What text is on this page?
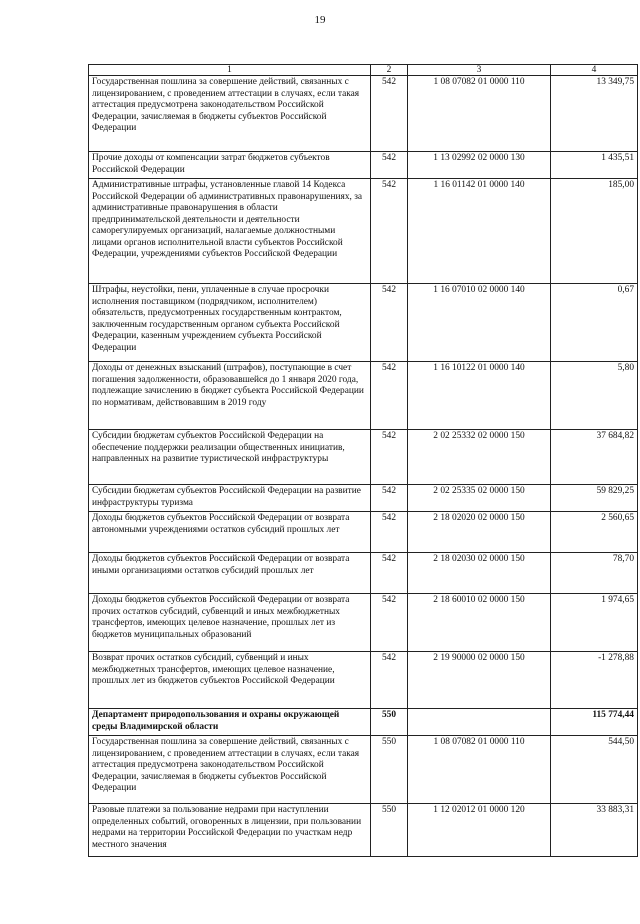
19
1	2	3	4
Государственная пошлина за совершение действий, связанных с лицензированием, с проведением аттестации в случаях, если такая аттестация предусмотрена законодательством Российской Федерации, зачисляемая в бюджеты субъектов Российской Федерации	542	1 08 07082 01 0000 110	13 349,75
Прочие доходы от компенсации затрат бюджетов субъектов Российской Федерации	542	1 13 02992 02 0000 130	1 435,51
Административные штрафы, установленные главой 14 Кодекса Российской Федерации об административных правонарушениях, за административные правонарушения в области предпринимательской деятельности и деятельности саморегулируемых организаций, налагаемые должностными лицами органов исполнительной власти субъектов Российской Федерации, учреждениями субъектов Российской Федерации	542	1 16 01142 01 0000 140	185,00
Штрафы, неустойки, пени, уплаченные в случае просрочки исполнения поставщиком (подрядчиком, исполнителем) обязательств, предусмотренных государственным контрактом, заключенным государственным органом субъекта Российской Федерации, казенным учреждением субъекта Российской Федерации	542	1 16 07010 02 0000 140	0,67
Доходы от денежных взысканий (штрафов), поступающие в счет погашения задолженности, образовавшейся до 1 января 2020 года, подлежащие зачислению в бюджет субъекта Российской Федерации по нормативам, действовавшим в 2019 году	542	1 16 10122 01 0000 140	5,80
Субсидии бюджетам субъектов Российской Федерации на обеспечение поддержки реализации общественных инициатив, направленных на развитие туристической инфраструктуры	542	2 02 25332 02 0000 150	37 684,82
Субсидии бюджетам субъектов Российской Федерации на развитие инфраструктуры туризма	542	2 02 25335 02 0000 150	59 829,25
Доходы бюджетов субъектов Российской Федерации от возврата автономными учреждениями остатков субсидий прошлых лет	542	2 18 02020 02 0000 150	2 560,65
Доходы бюджетов субъектов Российской Федерации от возврата иными организациями остатков субсидий прошлых лет	542	2 18 02030 02 0000 150	78,70
Доходы бюджетов субъектов Российской Федерации от возврата прочих остатков субсидий, субвенций и иных межбюджетных трансфертов, имеющих целевое назначение, прошлых лет из бюджетов муниципальных образований	542	2 18 60010 02 0000 150	1 974,65
Возврат прочих остатков субсидий, субвенций и иных межбюджетных трансфертов, имеющих целевое назначение, прошлых лет из бюджетов субъектов Российской Федерации	542	2 19 90000 02 0000 150	-1 278,88
Департамент природопользования и охраны окружающей среды Владимирской области	550		115 774,44
Государственная пошлина за совершение действий, связанных с лицензированием, с проведением аттестации в случаях, если такая аттестация предусмотрена законодательством Российской Федерации, зачисляемая в бюджеты субъектов Российской Федерации	550	1 08 07082 01 0000 110	544,50
Разовые платежи за пользование недрами при наступлении определенных событий, оговоренных в лицензии, при пользовании недрами на территории Российской Федерации по участкам недр местного значения	550	1 12 02012 01 0000 120	33 883,31
